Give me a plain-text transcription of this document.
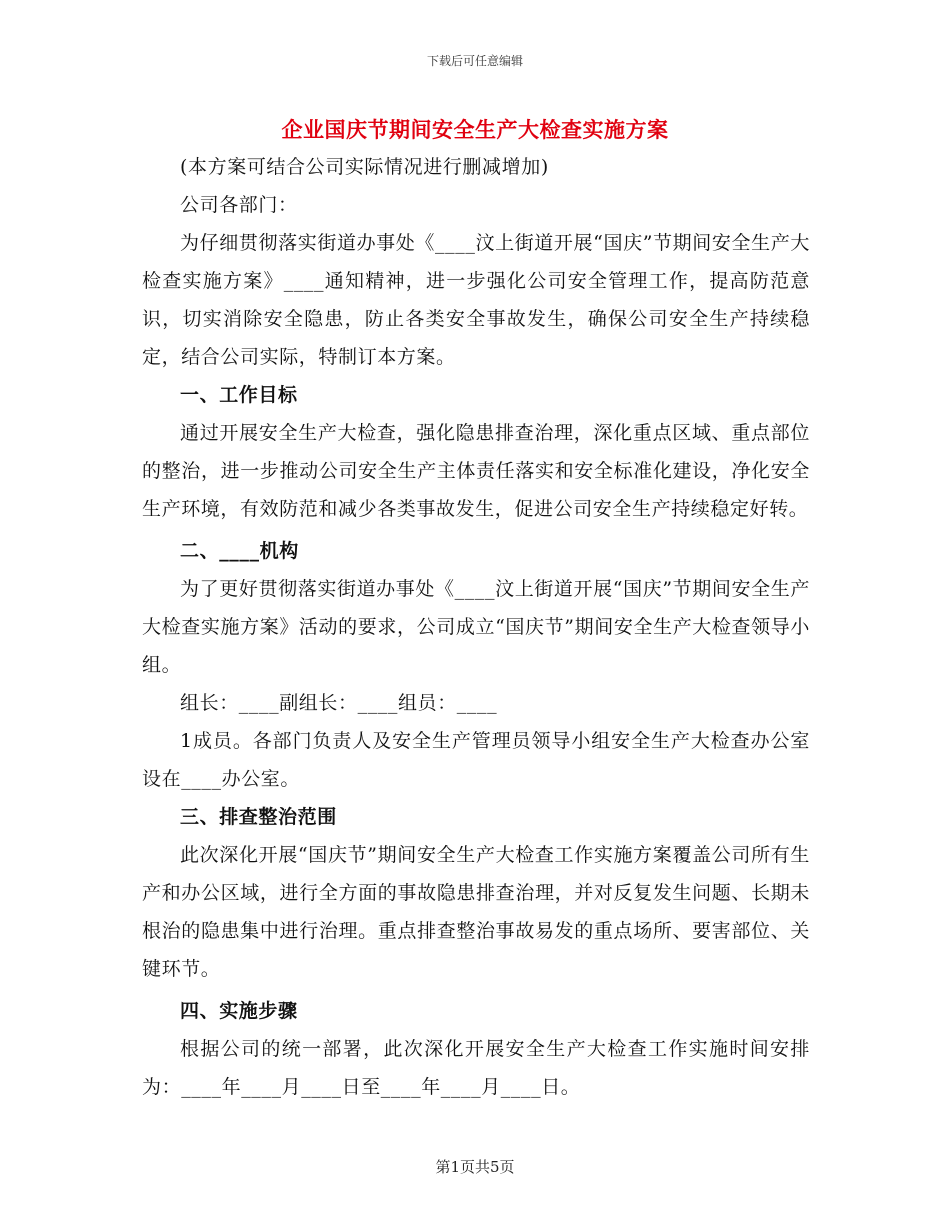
下载后可任意编辑
企业国庆节期间安全生产大检查实施方案

(本方案可结合公司实际情况进行删减增加)

公司各部门：

为仔细贯彻落实街道办事处《____汶上街道开展“国庆”节期间安全生产大检查实施方案》____通知精神，进一步强化公司安全管理工作，提高防范意识，切实消除安全隐患，防止各类安全事故发生，确保公司安全生产持续稳定，结合公司实际，特制订本方案。

一、工作目标

通过开展安全生产大检查，强化隐患排查治理，深化重点区域、重点部位的整治，进一步推动公司安全生产主体责任落实和安全标准化建设，净化安全生产环境，有效防范和减少各类事故发生，促进公司安全生产持续稳定好转。

二、____机构

为了更好贯彻落实街道办事处《____汶上街道开展“国庆”节期间安全生产大检查实施方案》活动的要求，公司成立“国庆节”期间安全生产大检查领导小组。

组长：____副组长：____组员：____

1成员。各部门负责人及安全生产管理员领导小组安全生产大检查办公室设在____办公室。

三、排查整治范围

此次深化开展“国庆节”期间安全生产大检查工作实施方案覆盖公司所有生产和办公区域，进行全方面的事故隐患排查治理，并对反复发生问题、长期未根治的隐患集中进行治理。重点排查整治事故易发的重点场所、要害部位、关键环节。

四、实施步骤

根据公司的统一部署，此次深化开展安全生产大检查工作实施时间安排为：____年____月____日至____年____月____日。

第1页共5页
